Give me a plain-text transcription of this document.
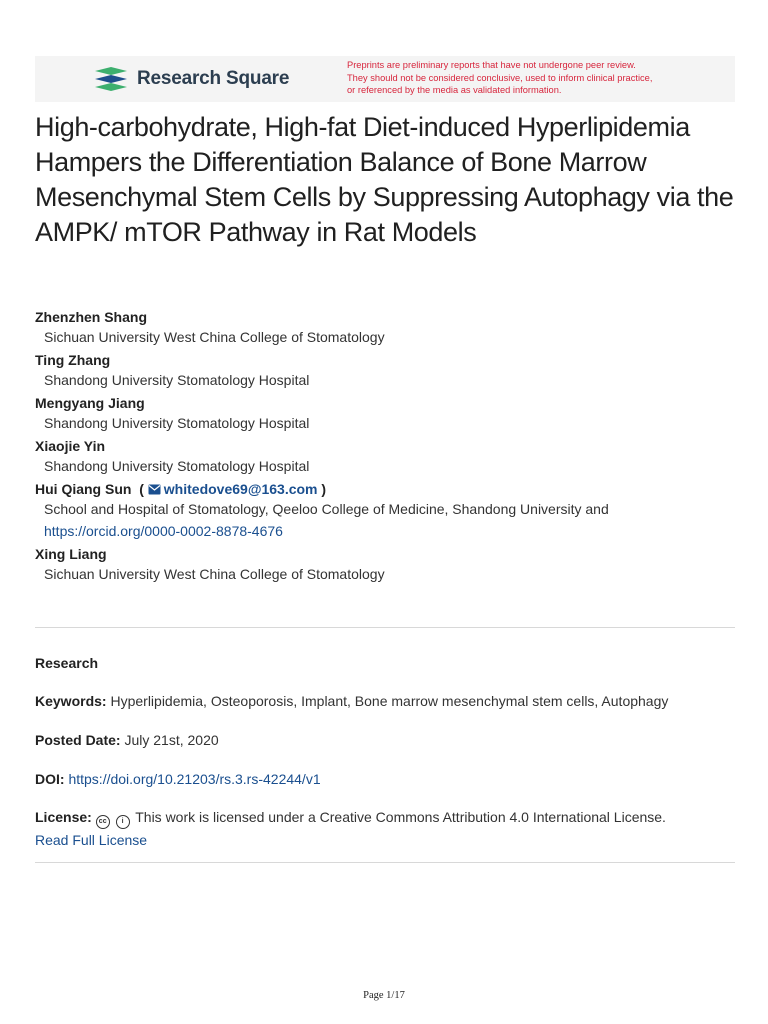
Research Square
Preprints are preliminary reports that have not undergone peer review.
They should not be considered conclusive, used to inform clinical practice,
or referenced by the media as validated information.
High-carbohydrate, High-fat Diet-induced Hyperlipidemia Hampers the Differentiation Balance of Bone Marrow Mesenchymal Stem Cells by Suppressing Autophagy via the AMPK/ mTOR Pathway in Rat Models
Zhenzhen Shang
Sichuan University West China College of Stomatology
Ting Zhang
Shandong University Stomatology Hospital
Mengyang Jiang
Shandong University Stomatology Hospital
Xiaojie Yin
Shandong University Stomatology Hospital
Hui Qiang Sun ( whitedove69@163.com )
School and Hospital of Stomatology, Qeeloo College of Medicine, Shandong University and
https://orcid.org/0000-0002-8878-4676
Xing Liang
Sichuan University West China College of Stomatology
Research
Keywords: Hyperlipidemia, Osteoporosis, Implant, Bone marrow mesenchymal stem cells, Autophagy
Posted Date: July 21st, 2020
DOI: https://doi.org/10.21203/rs.3.rs-42244/v1
License: cc i This work is licensed under a Creative Commons Attribution 4.0 International License.
Read Full License
Page 1/17
